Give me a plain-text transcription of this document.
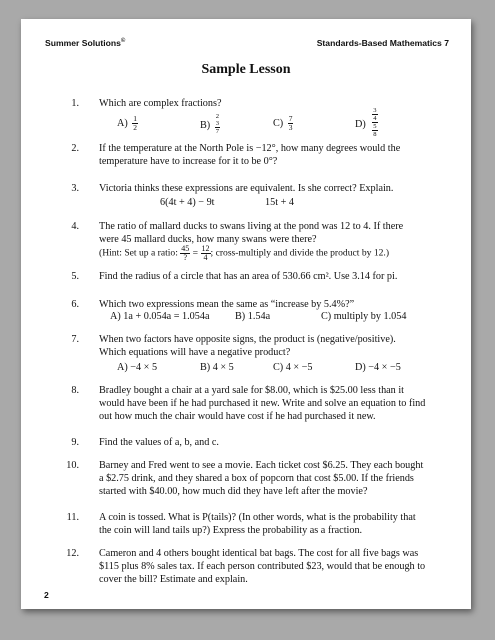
Summer Solutions©	Standards-Based Mathematics 7
Sample Lesson
1. Which are complex fractions?
$A) \frac{1}{2}$	B)
2
3
7
$C) \frac{7}{3}$	D)
3
4
5
8
2. If the temperature at the North Pole is −12°, how many degrees would the
temperature have to increase for it to be 0°?
3. Victoria thinks these expressions are equivalent. Is she correct? Explain.
6(4t + 4) − 9t	15t + 4
4. The ratio of mallard ducks to swans living at the pond was 12 to 4. If there
were 45 mallard ducks, how many swans were there?
(Hint: Set up a ratio: 45
? = $\frac{12}{4}$ ; cross-multiply and divide the product by 12.)
5. Find the radius of a circle that has an area of 530.66 cm². Use 3.14 for pi.
6. Which two expressions mean the same as “increase by 5.4%?”
A) 1a + 0.054a = 1.054a	B) 1.54a	C) multiply by 1.054
7. When two factors have opposite signs, the product is (negative/positive).
Which equations will have a negative product?
A) −4 × 5	B) 4 × 5	C) 4 × −5	D) −4 × −5
8. Bradley bought a chair at a yard sale for $8.00, which is $25.00 less than it
would have been if he had purchased it new. Write and solve an equation to find
out how much the chair would have cost if he had purchased it new.
9. Find the values of a, b, and c.
10. Barney and Fred went to see a movie. Each ticket cost $6.25. They each bought
a $2.75 drink, and they shared a box of popcorn that cost $5.00. If the friends
started with $40.00, how much did they have left after the movie?
11. A coin is tossed. What is P(tails)? (In other words, what is the probability that
the coin will land tails up?) Express the probability as a fraction.
12. Cameron and 4 others bought identical bat bags. The cost for all five bags was
$115 plus 8% sales tax. If each person contributed $23, would that be enough to
cover the bill? Estimate and explain.
2
